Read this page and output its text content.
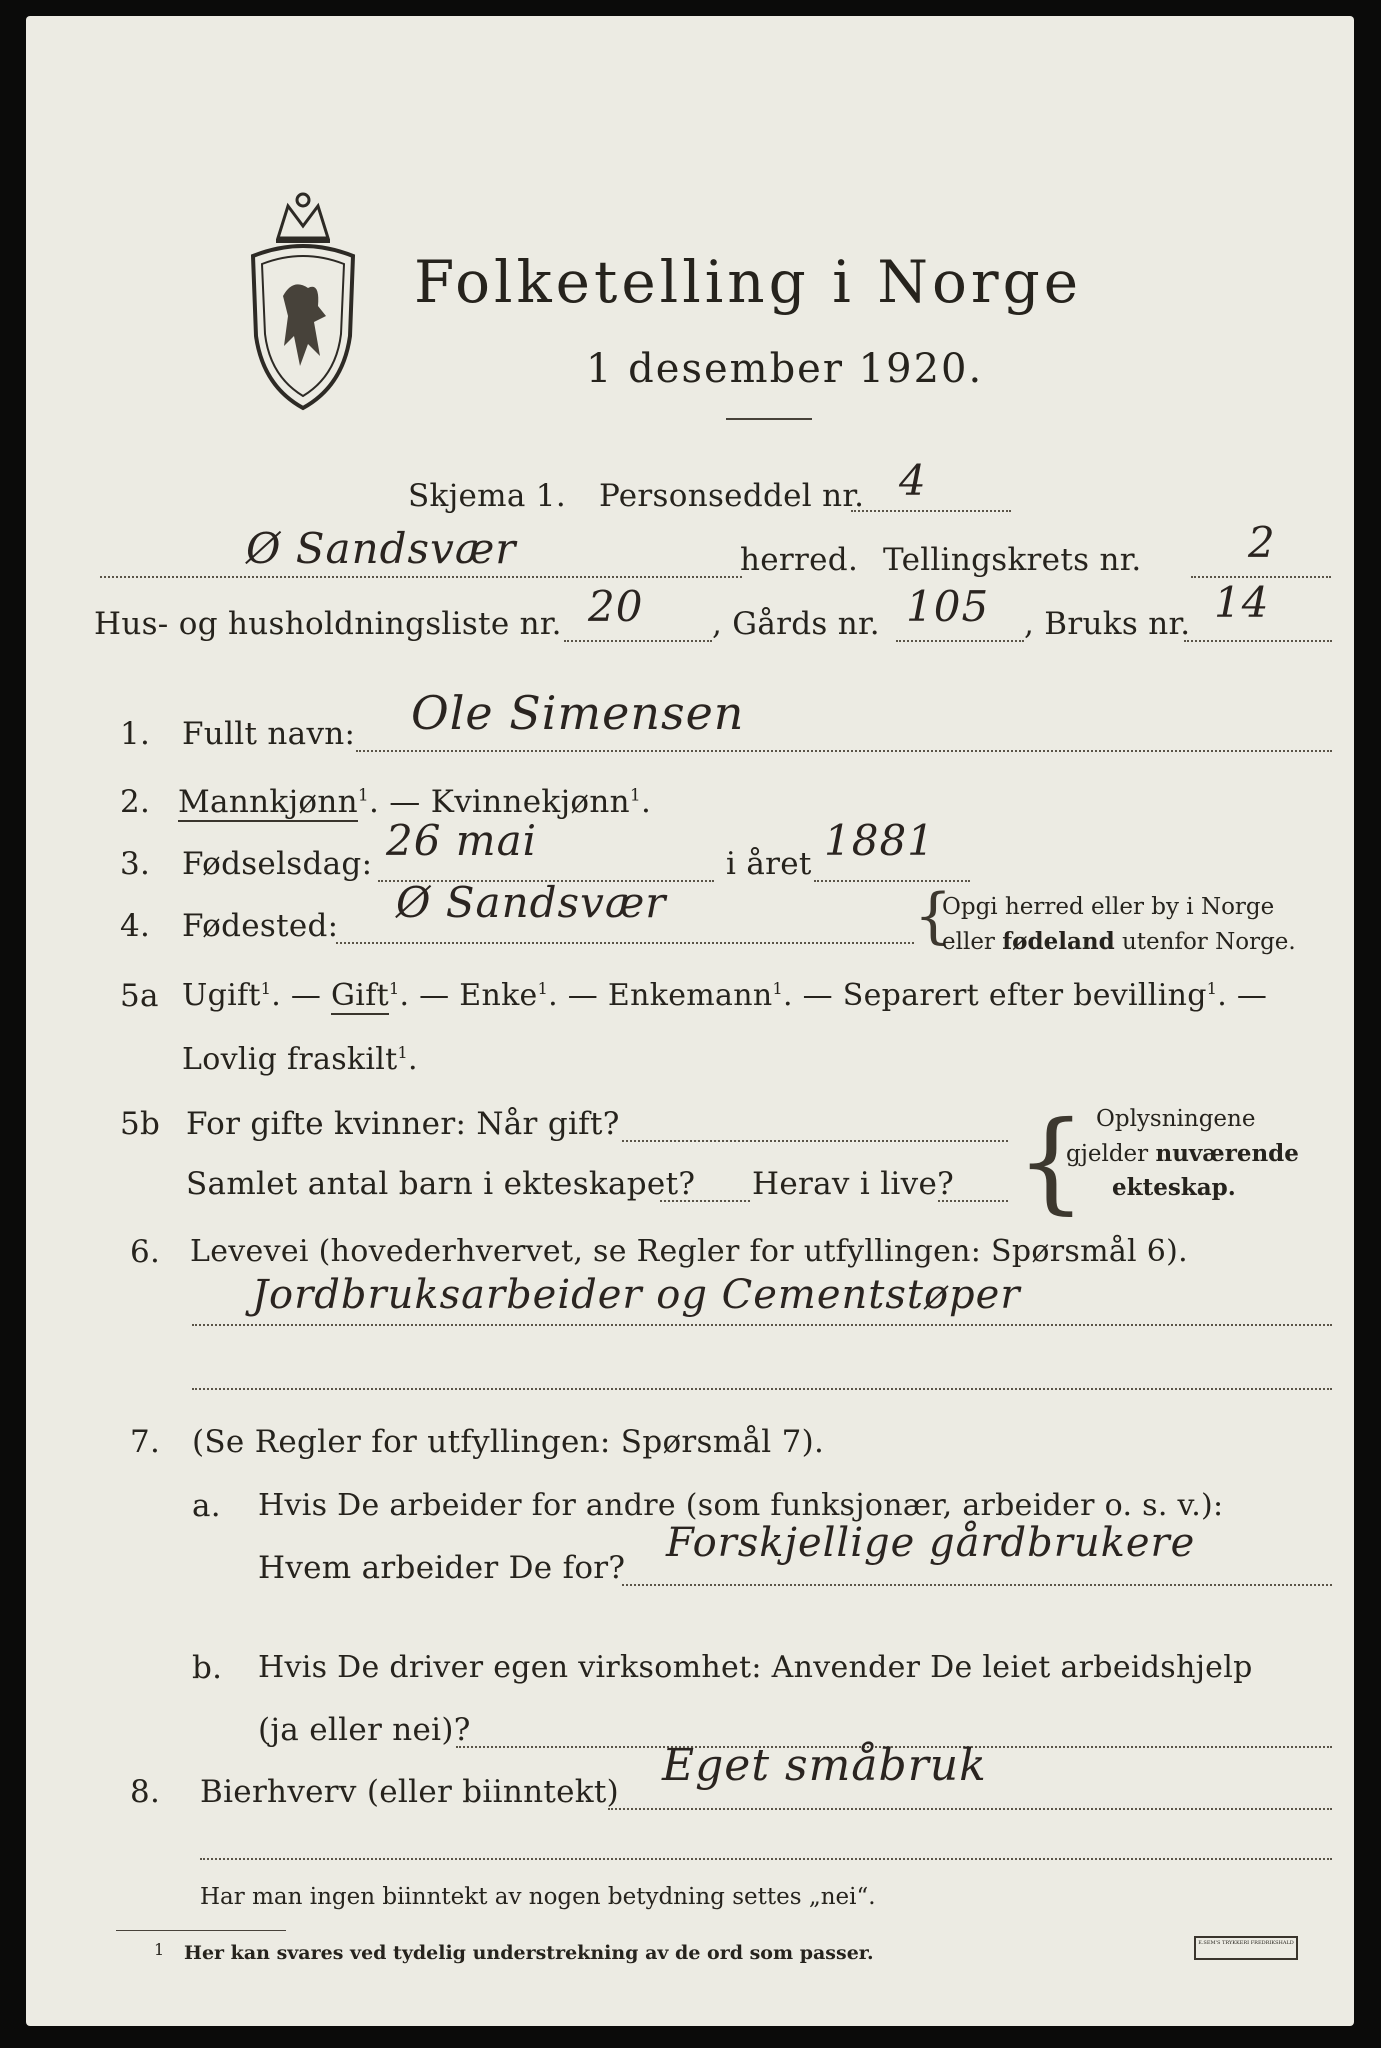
Folketelling i Norge
1 desember 1920.
Skjema 1. Personseddel nr. 4
Ø Sandsvær	herred. Tellingskrets nr.	2
Hus- og husholdningsliste nr. 20 , Gårds nr. 105 , Bruks nr. 14
1. Fullt navn: Ole Simensen
2. Mannkjønn$^1$. — Kvinnekjønn$^1$.
3. Fødselsdag: 26 mai	i året 1881
4. Fødested: Ø Sandsvær	{
Opgi herred eller by i Norge
eller fødeland utenfor Norge.
5a Ugift$^1$. — Gift$^1$. — Enke$^1$. — Enkemann$^1$. — Separert efter bevilling$^1$. —
Lovlig fraskilt$^1$.
5b For gifte kvinner: Når gift?
Samlet antal barn i ekteskapet? Herav i live? { Oplysningene
gjelder nuværende
ekteskap.
6. Levevei (hovederhvervet, se Regler for utfyllingen: Spørsmål 6).
Jordbruksarbeider og Cementstøper
7. (Se Regler for utfyllingen: Spørsmål 7).
a. Hvis De arbeider for andre (som funksjonær, arbeider o. s. v.):
Hvem arbeider De for?
Forskjellige gårdbrukere
b. Hvis De driver egen virksomhet: Anvender De leiet arbeidshjelp
(ja eller nei)?
8. Bierhverv (eller biinntekt)
Eget småbruk
Har man ingen biinntekt av nogen betydning settes „nei“.
1 Her kan svares ved tydelig understrekning av de ord som passer.	E.SEM'S TRYKKERI FREDRIKSHALD
